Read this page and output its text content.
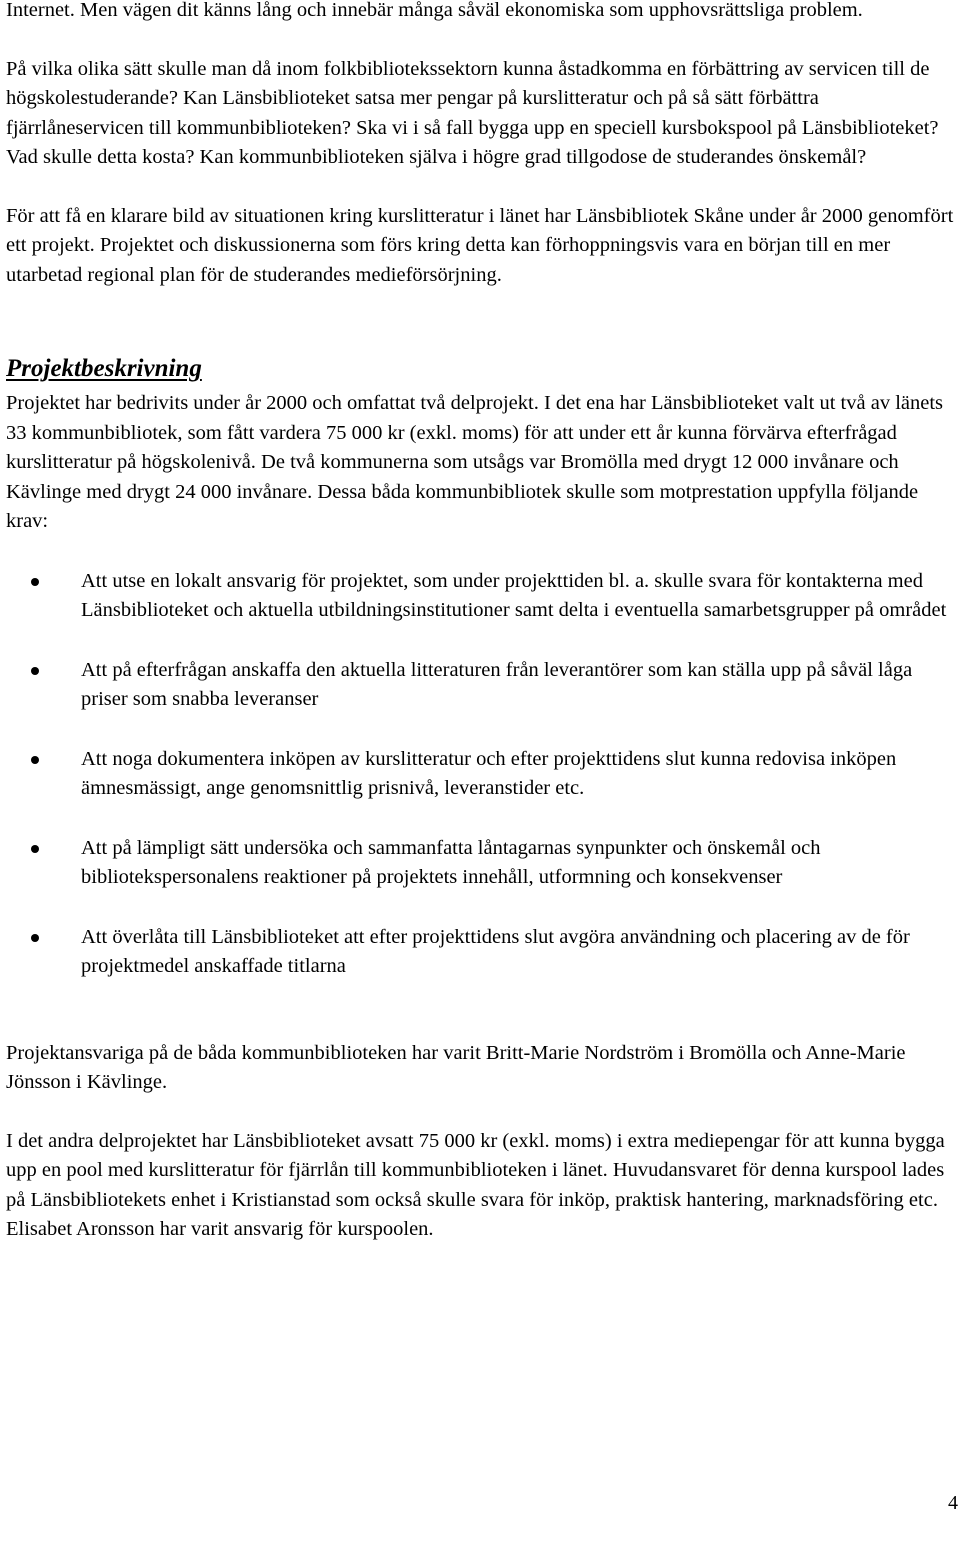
Internet. Men vägen dit känns lång och innebär många såväl ekonomiska som upphovsrättsliga problem.

På vilka olika sätt skulle man då inom folkbibliotekssektorn kunna åstadkomma en förbättring av servicen till de högskolestuderande? Kan Länsbiblioteket satsa mer pengar på kurslitteratur och på så sätt förbättra fjärrlåneservicen till kommunbiblioteken? Ska vi i så fall bygga upp en speciell kursbokspool på Länsbiblioteket? Vad skulle detta kosta? Kan kommunbiblioteken själva i högre grad tillgodose de studerandes önskemål?

För att få en klarare bild av situationen kring kurslitteratur i länet har Länsbibliotek Skåne under år 2000 genomfört ett projekt. Projektet och diskussionerna som förs kring detta kan förhoppningsvis vara en början till en mer utarbetad regional plan för de studerandes medieförsörjning.

Projektbeskrivning

Projektet har bedrivits under år 2000 och omfattat två delprojekt. I det ena har Länsbiblioteket valt ut två av länets 33 kommunbibliotek, som fått vardera 75 000 kr (exkl. moms) för att under ett år kunna förvärva efterfrågad kurslitteratur på högskolenivå. De två kommunerna som utsågs var Bromölla med drygt 12 000 invånare och Kävlinge med drygt 24 000 invånare. Dessa båda kommunbibliotek skulle som motprestation uppfylla följande krav:

Att utse en lokalt ansvarig för projektet, som under projekttiden bl. a. skulle svara för kontakterna med Länsbiblioteket och aktuella utbildningsinstitutioner samt delta i eventuella samarbetsgrupper på området
Att på efterfrågan anskaffa den aktuella litteraturen från leverantörer som kan ställa upp på såväl låga priser som snabba leveranser
Att noga dokumentera inköpen av kurslitteratur och efter projekttidens slut kunna redovisa inköpen ämnesmässigt, ange genomsnittlig prisnivå, leveranstider etc.
Att på lämpligt sätt undersöka och sammanfatta låntagarnas synpunkter och önskemål och bibliotekspersonalens reaktioner på projektets innehåll, utformning och konsekvenser
Att överlåta till Länsbiblioteket att efter projekttidens slut avgöra användning och placering av de för projektmedel anskaffade titlarna

Projektansvariga på de båda kommunbiblioteken har varit Britt-Marie Nordström i Bromölla och Anne-Marie Jönsson i Kävlinge.

I det andra delprojektet har Länsbiblioteket avsatt 75 000 kr (exkl. moms) i extra mediepengar för att kunna bygga upp en pool med kurslitteratur för fjärrlån till kommunbiblioteken i länet. Huvudansvaret för denna kurspool lades på Länsbibliotekets enhet i Kristianstad som också skulle svara för inköp, praktisk hantering, marknadsföring etc. Elisabet Aronsson har varit ansvarig för kurspoolen.

4
